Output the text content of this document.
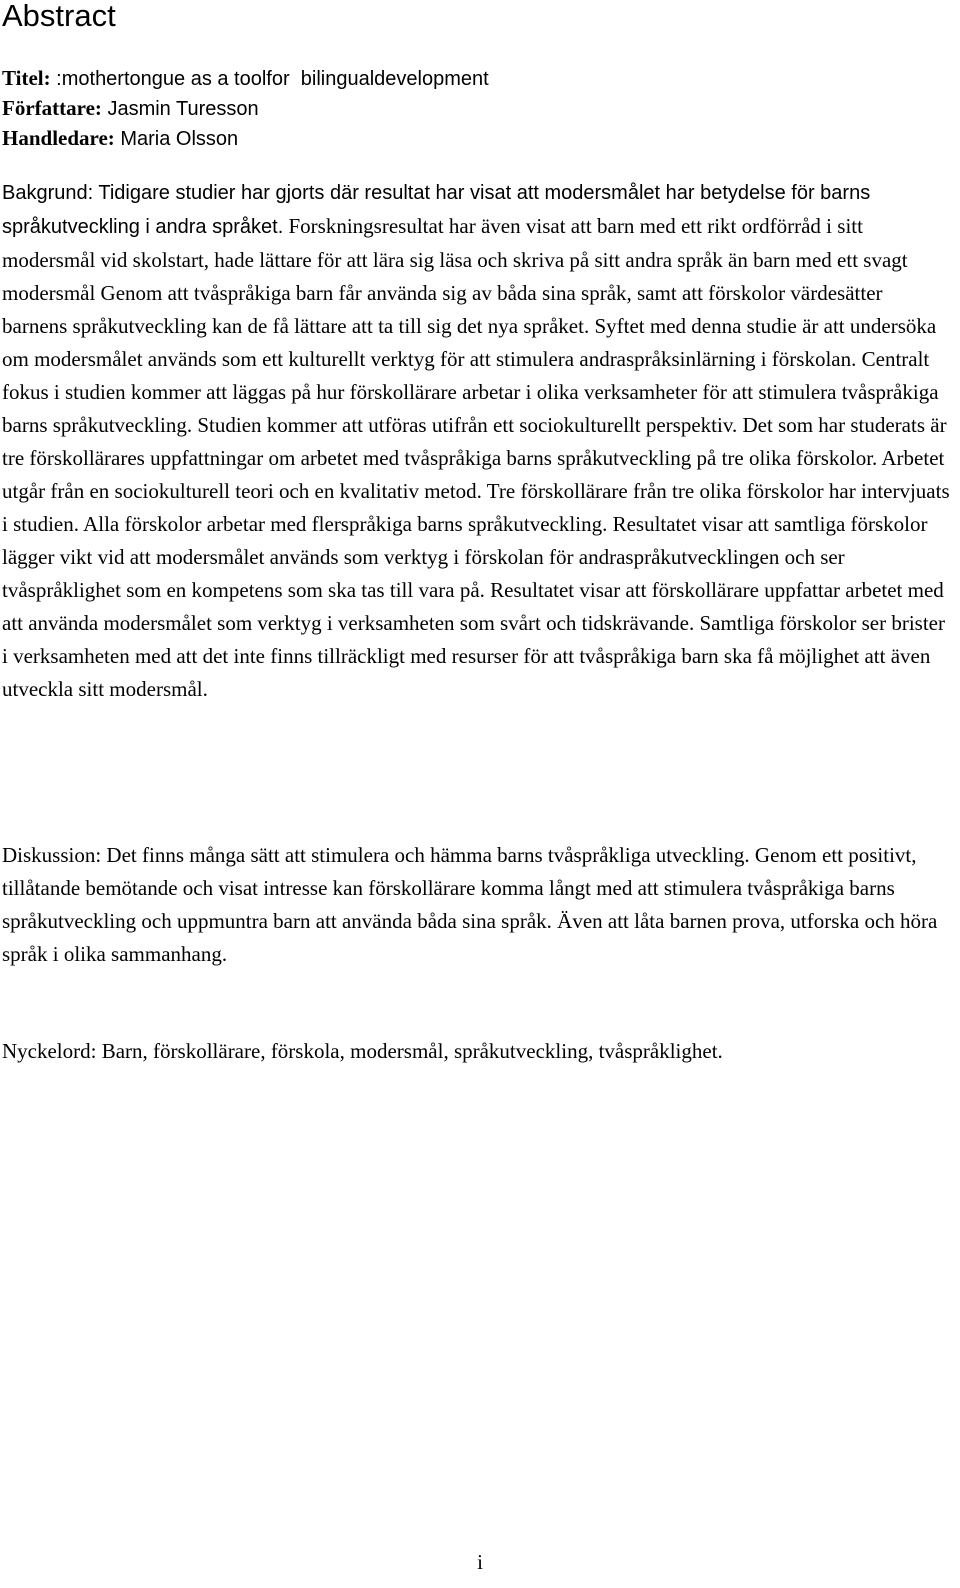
Abstract
Titel: :mothertongue as a toolfor  bilingualdevelopment
Författare: Jasmin Turesson
Handledare: Maria Olsson

Bakgrund: Tidigare studier har gjorts där resultat har visat att modersmålet har betydelse för barns språkutveckling i andra språket. Forskningsresultat har även visat att barn med ett rikt ordförråd i sitt modersmål vid skolstart, hade lättare för att lära sig läsa och skriva på sitt andra språk än barn med ett svagt modersmål Genom att tvåspråkiga barn får använda sig av båda sina språk, samt att förskolor värdesätter barnens språkutveckling kan de få lättare att ta till sig det nya språket. Syftet med denna studie är att undersöka om modersmålet används som ett kulturellt verktyg för att stimulera andraspråksinlärning i förskolan. Centralt fokus i studien kommer att läggas på hur förskollärare arbetar i olika verksamheter för att stimulera tvåspråkiga barns språkutveckling. Studien kommer att utföras utifrån ett sociokulturellt perspektiv. Det som har studerats är tre förskollärares uppfattningar om arbetet med tvåspråkiga barns språkutveckling på tre olika förskolor. Arbetet utgår från en sociokulturell teori och en kvalitativ metod. Tre förskollärare från tre olika förskolor har intervjuats i studien. Alla förskolor arbetar med flerspråkiga barns språkutveckling. Resultatet visar att samtliga förskolor lägger vikt vid att modersmålet används som verktyg i förskolan för andraspråkutvecklingen och ser tvåspråklighet som en kompetens som ska tas till vara på. Resultatet visar att förskollärare uppfattar arbetet med att använda modersmålet som verktyg i verksamheten som svårt och tidskrävande. Samtliga förskolor ser brister i verksamheten med att det inte finns tillräckligt med resurser för att tvåspråkiga barn ska få möjlighet att även utveckla sitt modersmål.

Diskussion: Det finns många sätt att stimulera och hämma barns tvåspråkliga utveckling. Genom ett positivt, tillåtande bemötande och visat intresse kan förskollärare komma långt med att stimulera tvåspråkiga barns språkutveckling och uppmuntra barn att använda båda sina språk. Även att låta barnen prova, utforska och höra språk i olika sammanhang.

Nyckelord: Barn, förskollärare, förskola, modersmål, språkutveckling, tvåspråklighet.

i
